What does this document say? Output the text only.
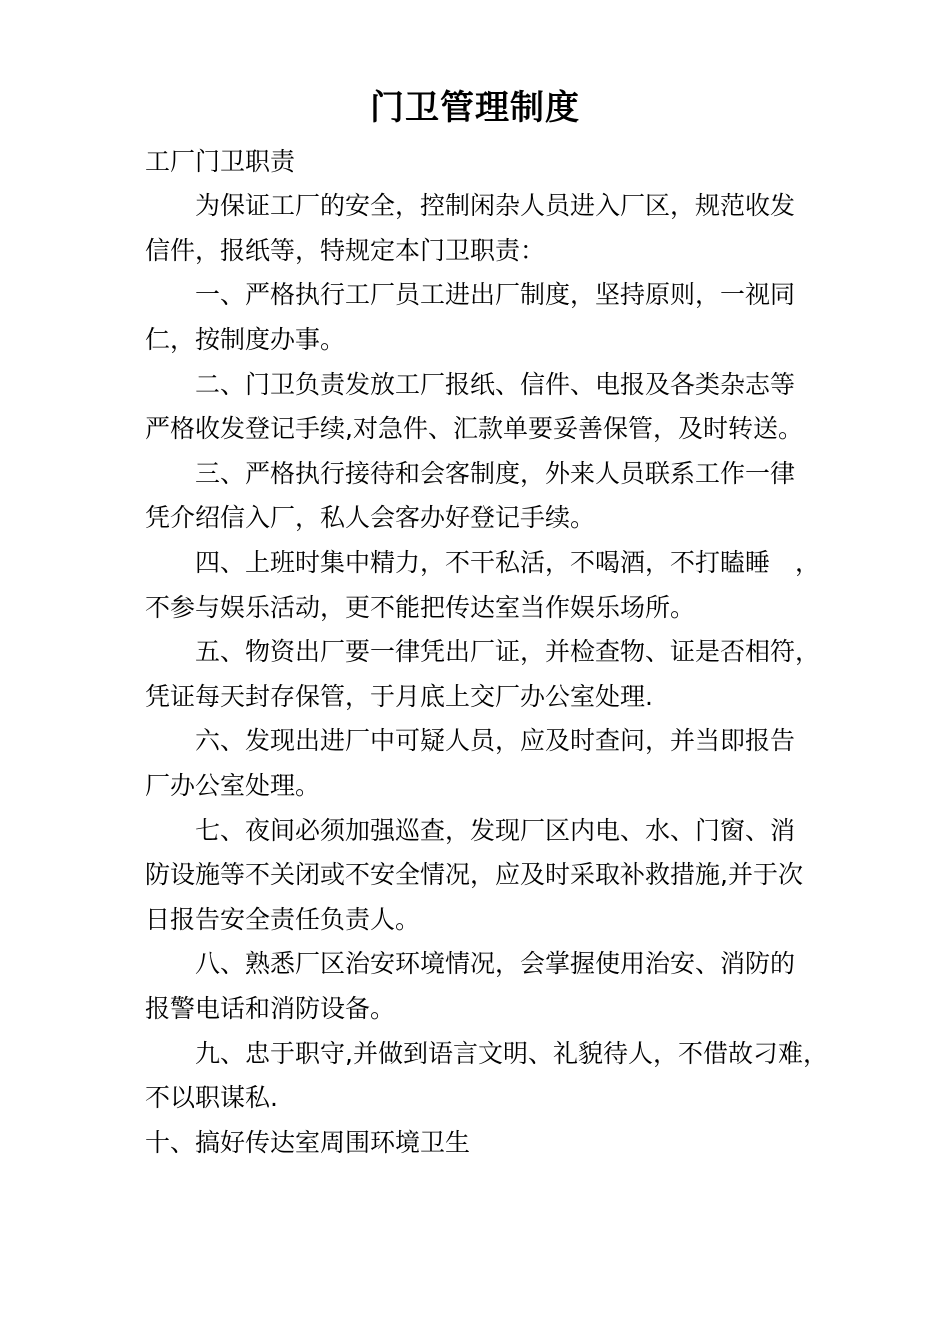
门卫管理制度
工厂门卫职责
为保证工厂的安全，控制闲杂人员进入厂区，规范收发
信件，报纸等，特规定本门卫职责：
一、严格执行工厂员工进出厂制度，坚持原则，一视同
仁，按制度办事。
二、门卫负责发放工厂报纸、信件、电报及各类杂志等
严格收发登记手续,对急件、汇款单要妥善保管，及时转送。
三、严格执行接待和会客制度，外来人员联系工作一律
凭介绍信入厂，私人会客办好登记手续。
四、上班时集中精力，不干私活，不喝酒，不打瞌睡　，
不参与娱乐活动，更不能把传达室当作娱乐场所。
五、物资出厂要一律凭出厂证，并检查物、证是否相符，
凭证每天封存保管，于月底上交厂办公室处理.
六、发现出进厂中可疑人员，应及时查问，并当即报告
厂办公室处理。
七、夜间必须加强巡查，发现厂区内电、水、门窗、消
防设施等不关闭或不安全情况，应及时采取补救措施,并于次
日报告安全责任负责人。
八、熟悉厂区治安环境情况，会掌握使用治安、消防的
报警电话和消防设备。
九、忠于职守,并做到语言文明、礼貌待人，不借故刁难，
不以职谋私.
十、搞好传达室周围环境卫生
